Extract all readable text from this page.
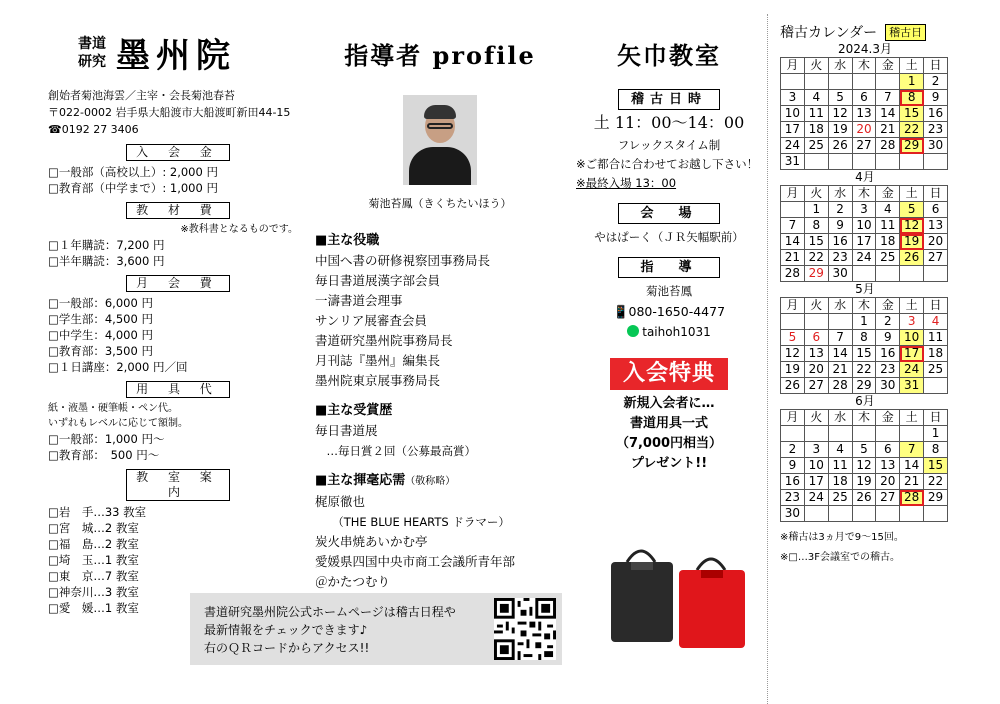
書道
研究 墨州院
創始者菊池海雲／主宰・会長菊池春苔
〒022-0002 岩手県大船渡市大船渡町新田44-15
☎0192 27 3406
入 会 金
□一般部（高校以上）: 2,000 円
□教育部（中学まで）: 1,000 円
教 材 費
※教科書となるものです。
□１年購読：7,200 円
□半年購読：3,600 円
月 会 費
□一般部：6,000 円
□学生部：4,500 円
□中学生：4,000 円
□教育部：3,500 円
□１日講座：2,000 円／回
用 具 代
紙・液墨・硬筆帳・ペン代。
いずれもレベルに応じて額制。
□一般部：1,000 円〜
□教育部：　500 円〜
教 室 案 内
□岩　手…33 教室
□宮　城…2 教室
□福　島…2 教室
□埼　玉…1 教室
□東　京…7 教室
□神奈川…3 教室
□愛　媛…1 教室
指導者 profile
菊池苔鳳（きくちたいほう）
■主な役職
中国へ書の研修視察団事務局長
毎日書道展漢字部会員
一濤書道会理事
サンリア展審査会員
書道研究墨州院事務局長
月刊誌『墨州』編集長
墨州院東京展事務局長
■主な受賞歴
毎日書道展
　…毎日賞２回（公募最高賞）
■主な揮毫応需（敬称略）
梶原徹也
　　（THE BLUE HEARTS ドラマー）
炭火串焼あいかむ亭
愛媛県四国中央市商工会議所青年部
＠かたつむり
矢巾教室
稽古日時
土 11：00〜14：00
フレックスタイム制
※ご都合に合わせてお越し下さい！
※最終入場 13：00
会　場
やはぱーく（ＪＲ矢幅駅前）
指　導
菊池苔鳳
📱080-1650-4477
taihoh1031
入会特典
新規入会者に…
書道用具一式
（7,000円相当）
プレゼント!!
書道研究墨州院公式ホームページは稽古日程や
最新情報をチェックできます♪
右のＱＲコードからアクセス!!
稽古カレンダー	稽古日
2024.3月
月	火	水	木	金	土	日
					1	2
3	4	5	6	7	8	9
10	11	12	13	14	15	16
17	18	19	20	21	22	23
24	25	26	27	28	29	30
31						
4月
月	火	水	木	金	土	日
	1	2	3	4	5	6
7	8	9	10	11	12	13
14	15	16	17	18	19	20
21	22	23	24	25	26	27
28	29	30				
5月
月	火	水	木	金	土	日
			1	2	3	4
5	6	7	8	9	10	11
12	13	14	15	16	17	18
19	20	21	22	23	24	25
26	27	28	29	30	31	
6月
月	火	水	木	金	土	日
						1
2	3	4	5	6	7	8
9	10	11	12	13	14	15
16	17	18	19	20	21	22
23	24	25	26	27	28	29
30						
※稽古は3ヵ月で9〜15回。
※□…3F会議室での稽古。
